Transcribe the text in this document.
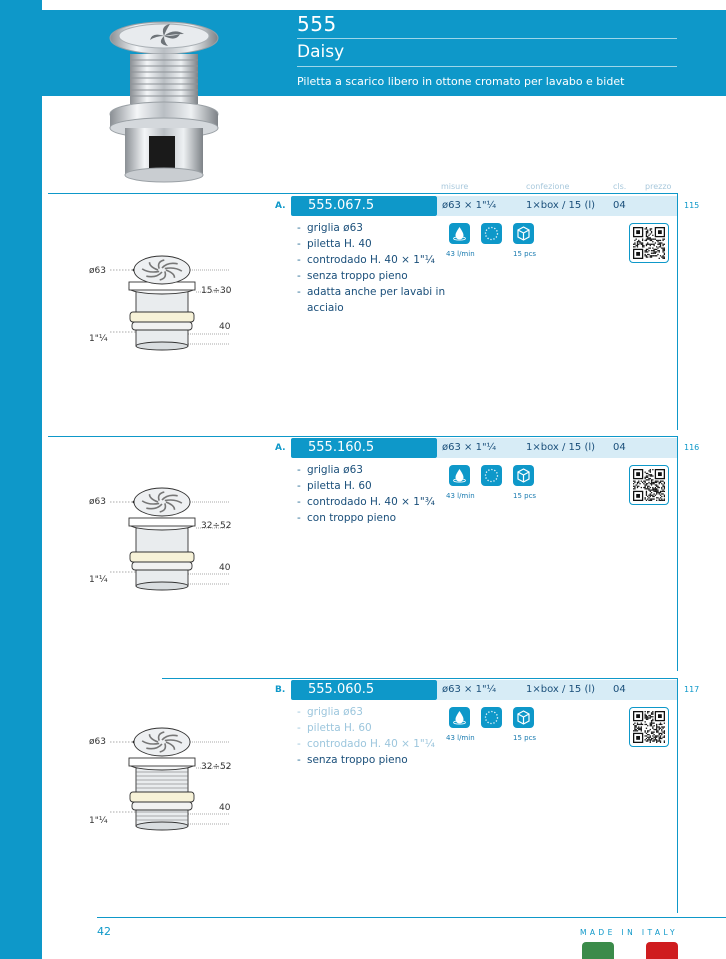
555
Daisy
Piletta a scarico libero in ottone cromato per lavabo e bidet
misure	confezione	cls. prezzo
A.	555.067.5	ø63 × 1"¼	1×box / 15 (l) 04	115
- griglia ø63
- piletta H. 40
- controdado H. 40 × 1"¼
- senza troppo pieno
- adatta anche per lavabi in
acciaio
43 l/min	15 pcs
ø63
15÷30
40
1"¼
A.	555.160.5	ø63 × 1"¼	1×box / 15 (l) 04	116
- griglia ø63
- piletta H. 60
- controdado H. 40 × 1"¾
- con troppo pieno
43 l/min	15 pcs
ø63
32÷52
40
1"¼
B.	555.060.5	ø63 × 1"¼	1×box / 15 (l) 04	117
- griglia ø63
- piletta H. 60
- controdado H. 40 × 1"¼
- senza troppo pieno
43 l/min	15 pcs
ø63
32÷52
40
1"¼
42	MADE IN ITALY
